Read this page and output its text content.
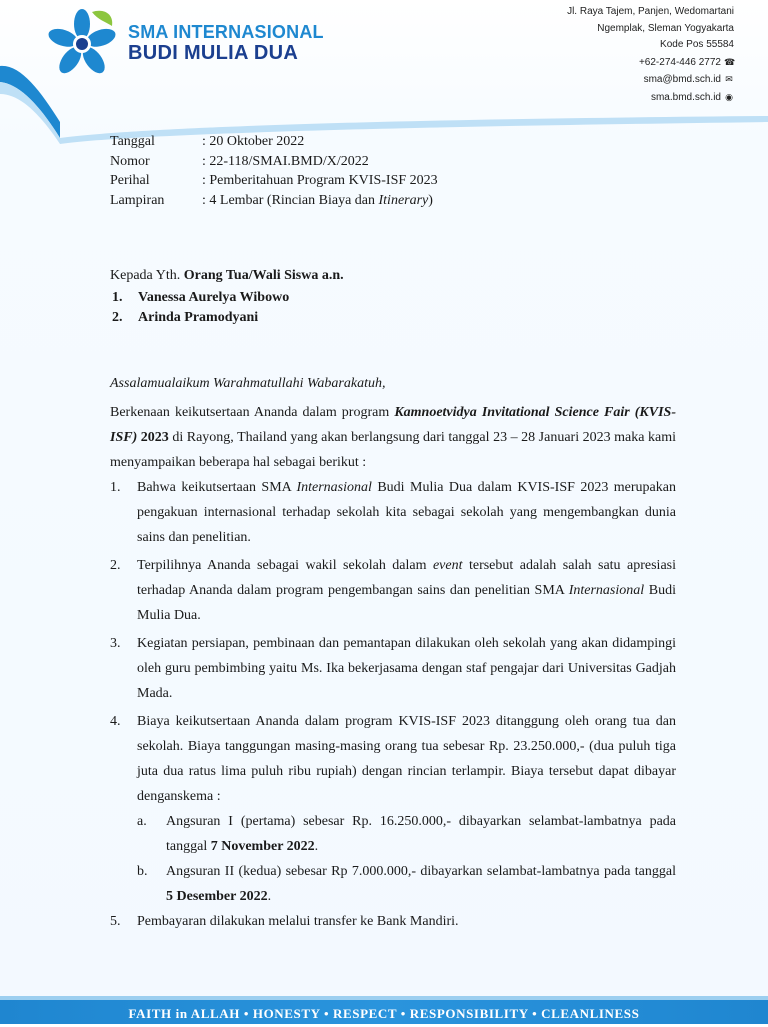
SMA INTERNASIONAL
BUDI MULIA DUA
Jl. Raya Tajem, Panjen, Wedomartani
Ngemplak, Sleman Yogyakarta
Kode Pos 55584
+62-274-446 2772 ☎
sma@bmd.sch.id ✉
sma.bmd.sch.id ◉
Tanggal	: 20 Oktober 2022
Nomor	: 22-118/SMAI.BMD/X/2022
Perihal	: Pemberitahuan Program KVIS-ISF 2023
Lampiran	: 4 Lembar (Rincian Biaya dan Itinerary)
Kepada Yth. Orang Tua/Wali Siswa a.n.
1. Vanessa Aurelya Wibowo
2. Arinda Pramodyani
Assalamualaikum Warahmatullahi Wabarakatuh,

Berkenaan keikutsertaan Ananda dalam program Kamnoetvidya Invitational Science Fair (KVIS-ISF) 2023 di Rayong, Thailand yang akan berlangsung dari tanggal 23 – 28 Januari 2023 maka kami menyampaikan beberapa hal sebagai berikut :

1.	Bahwa keikutsertaan SMA Internasional Budi Mulia Dua dalam KVIS-ISF 2023 merupakan pengakuan internasional terhadap sekolah kita sebagai sekolah yang mengembangkan dunia sains dan penelitian.
2.	Terpilihnya Ananda sebagai wakil sekolah dalam event tersebut adalah salah satu apresiasi terhadap Ananda dalam program pengembangan sains dan penelitian SMA Internasional Budi Mulia Dua.
3.	Kegiatan persiapan, pembinaan dan pemantapan dilakukan oleh sekolah yang akan didampingi oleh guru pembimbing yaitu Ms. Ika bekerjasama dengan staf pengajar dari Universitas Gadjah Mada.
4.	Biaya keikutsertaan Ananda dalam program KVIS-ISF 2023 ditanggung oleh orang tua dan sekolah. Biaya tanggungan masing-masing orang tua sebesar Rp. 23.250.000,- (dua puluh tiga juta dua ratus lima puluh ribu rupiah) dengan rincian terlampir. Biaya tersebut dapat dibayar denganskema :
a.	Angsuran I (pertama) sebesar Rp. 16.250.000,- dibayarkan selambat-lambatnya pada tanggal 7 November 2022.
b.	Angsuran II (kedua) sebesar Rp 7.000.000,- dibayarkan selambat-lambatnya pada tanggal 5 Desember 2022.
5.	Pembayaran dilakukan melalui transfer ke Bank Mandiri.
FAITH in ALLAH • HONESTY • RESPECT • RESPONSIBILITY • CLEANLINESS
